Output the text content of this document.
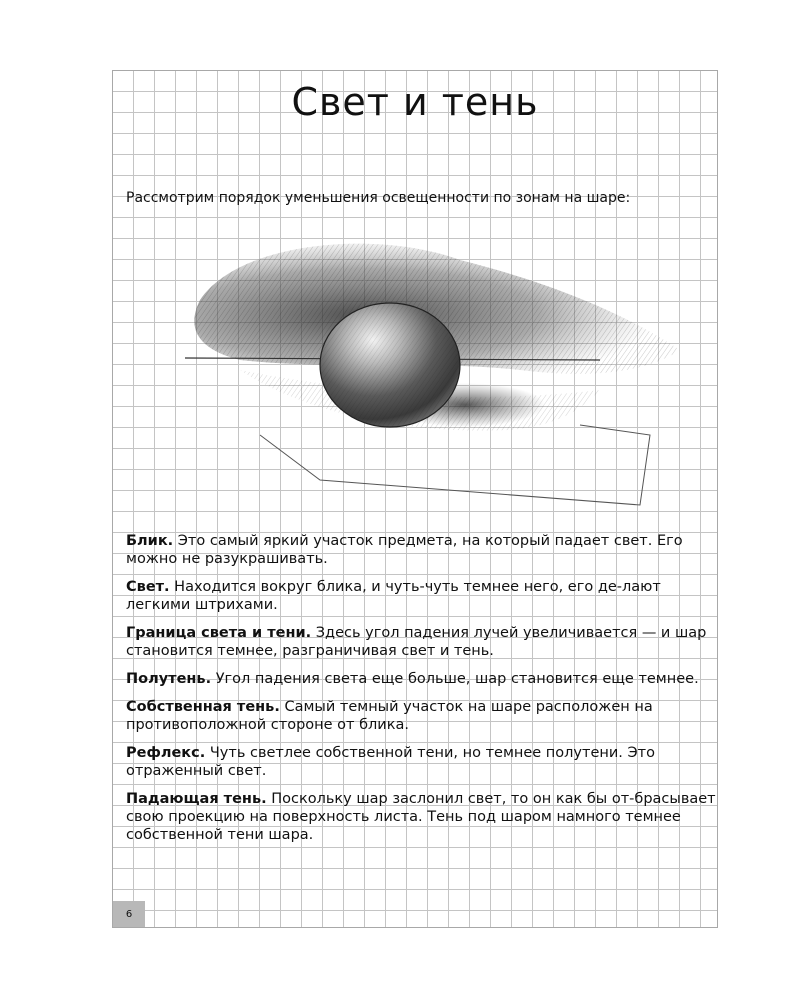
Свет и тень

Рассмотрим порядок уменьшения освещенности по зонам на шаре:

Блик. Это самый яркий участок предмета, на который падает свет. Его можно не разукрашивать.
Свет. Находится вокруг блика, и чуть-чуть темнее него, его де-лают легкими штрихами.
Граница света и тени. Здесь угол падения лучей увеличивается — и шар становится темнее, разграничивая свет и тень.
Полутень. Угол падения света еще больше, шар становится еще темнее.
Собственная тень. Самый темный участок на шаре расположен на противоположной стороне от блика.
Рефлекс. Чуть светлее собственной тени, но темнее полутени. Это отраженный свет.
Падающая тень. Поскольку шар заслонил свет, то он как бы от-брасывает свою проекцию на поверхность листа. Тень под шаром намного темнее собственной тени шара.
6
